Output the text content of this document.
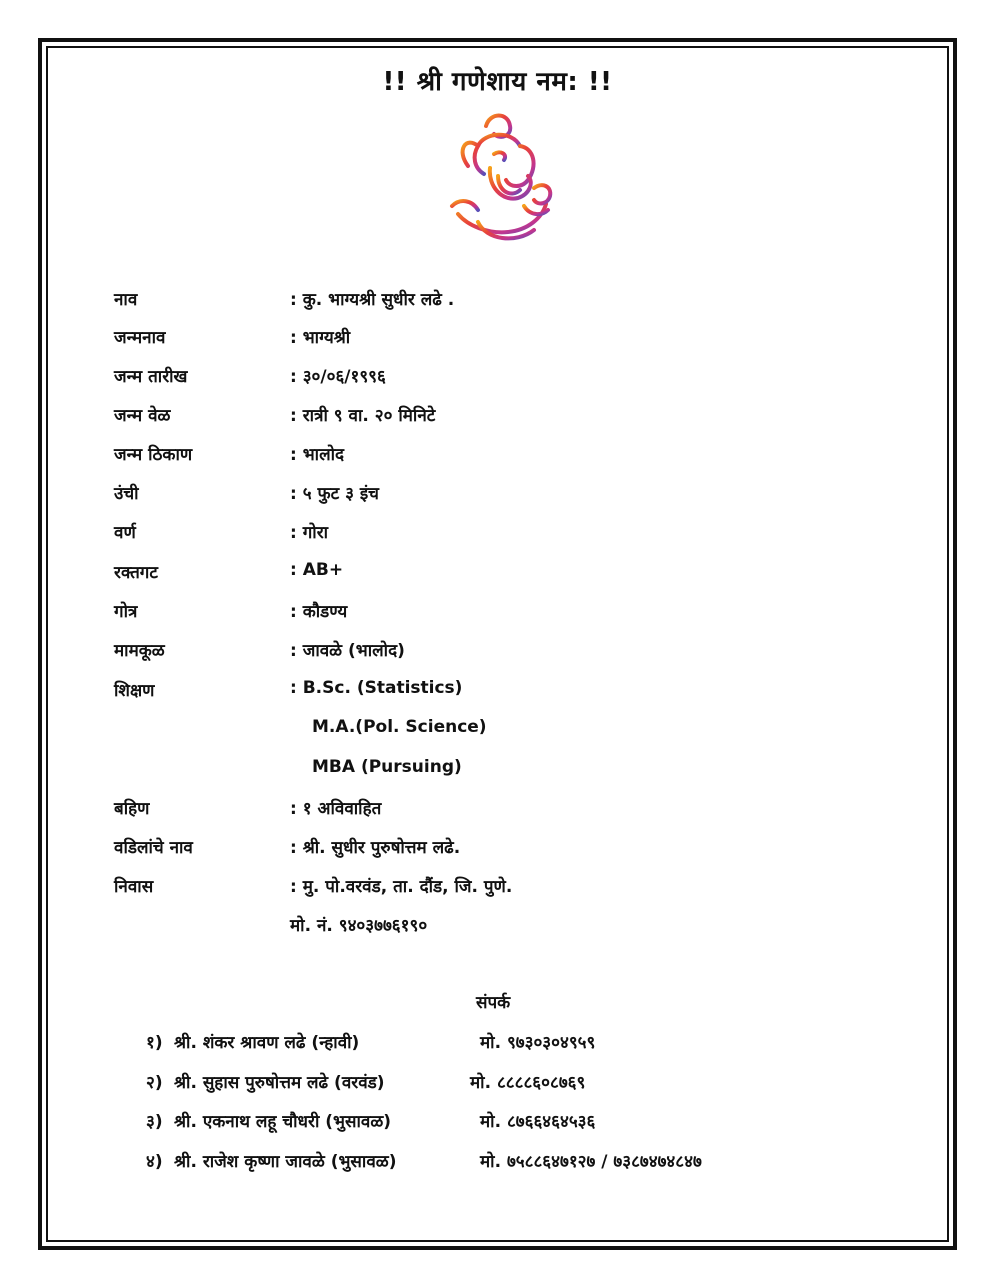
!! श्री गणेशाय नम: !!
नाव	: कु. भाग्यश्री सुधीर लढे .
जन्मनाव	: भाग्यश्री
जन्म तारीख	: ३०/०६/१९९६
जन्म वेळ	: रात्री ९ वा. २० मिनिटे
जन्म ठिकाण	: भालोद
उंची	: ५ फुट ३ इंच
वर्ण	: गोरा
रक्तगट	: AB+
गोत्र	: कौडण्य
मामकूळ	: जावळे (भालोद)
शिक्षण	: B.Sc. (Statistics)
M.A.(Pol. Science)
MBA (Pursuing)
बहिण	: १ अविवाहित
वडिलांचे नाव	: श्री. सुधीर पुरुषोत्तम लढे.
निवास	: मु. पो.वरवंड, ता. दौंड, जि. पुणे.
मो. नं. ९४०३७७६१९०
संपर्क
१) श्री. शंकर श्रावण लढे (न्हावी)	मो. ९७३०३०४९५९
२) श्री. सुहास पुरुषोत्तम लढे (वरवंड)	मो. ८८८८६०८७६९
३) श्री. एकनाथ लहू चौधरी (भुसावळ)	मो. ८७६६४६४५३६
४) श्री. राजेश कृष्णा जावळे (भुसावळ)	मो. ७५८८६४७१२७ / ७३८७४७४८४७
